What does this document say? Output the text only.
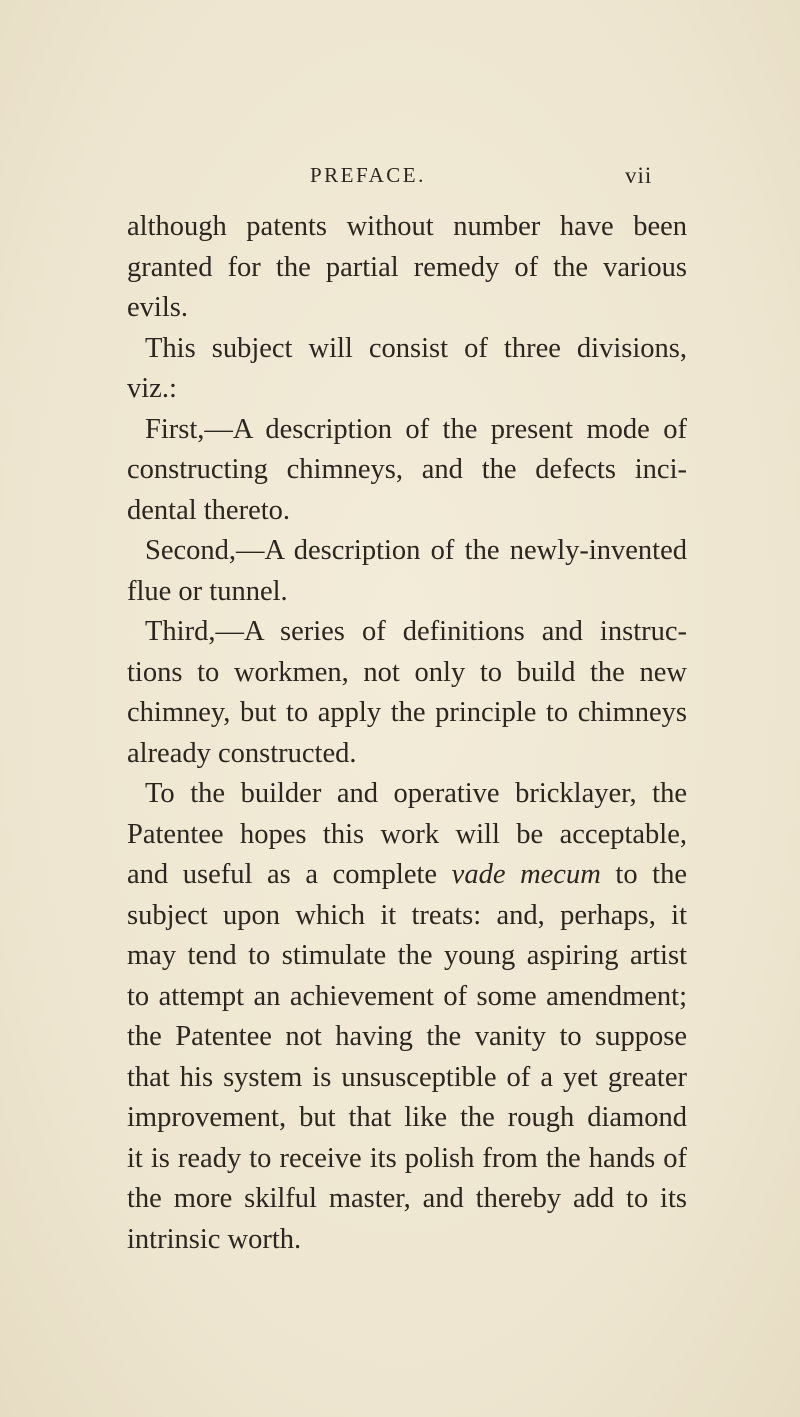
PREFACE.	vii
although patents without number have been
granted for the partial remedy of the various
evils.
This subject will consist of three divisions,
viz.:
First,—A description of the present mode of
constructing chimneys, and the defects inci-
dental thereto.
Second,—A description of the newly-invented
flue or tunnel.
Third,—A series of definitions and instruc-
tions to workmen, not only to build the new
chimney, but to apply the principle to chimneys
already constructed.
To the builder and operative bricklayer, the
Patentee hopes this work will be acceptable,
and useful as a complete vade mecum to the
subject upon which it treats: and, perhaps, it
may tend to stimulate the young aspiring artist
to attempt an achievement of some amendment;
the Patentee not having the vanity to suppose
that his system is unsusceptible of a yet greater
improvement, but that like the rough diamond
it is ready to receive its polish from the hands of
the more skilful master, and thereby add to its
intrinsic worth.
